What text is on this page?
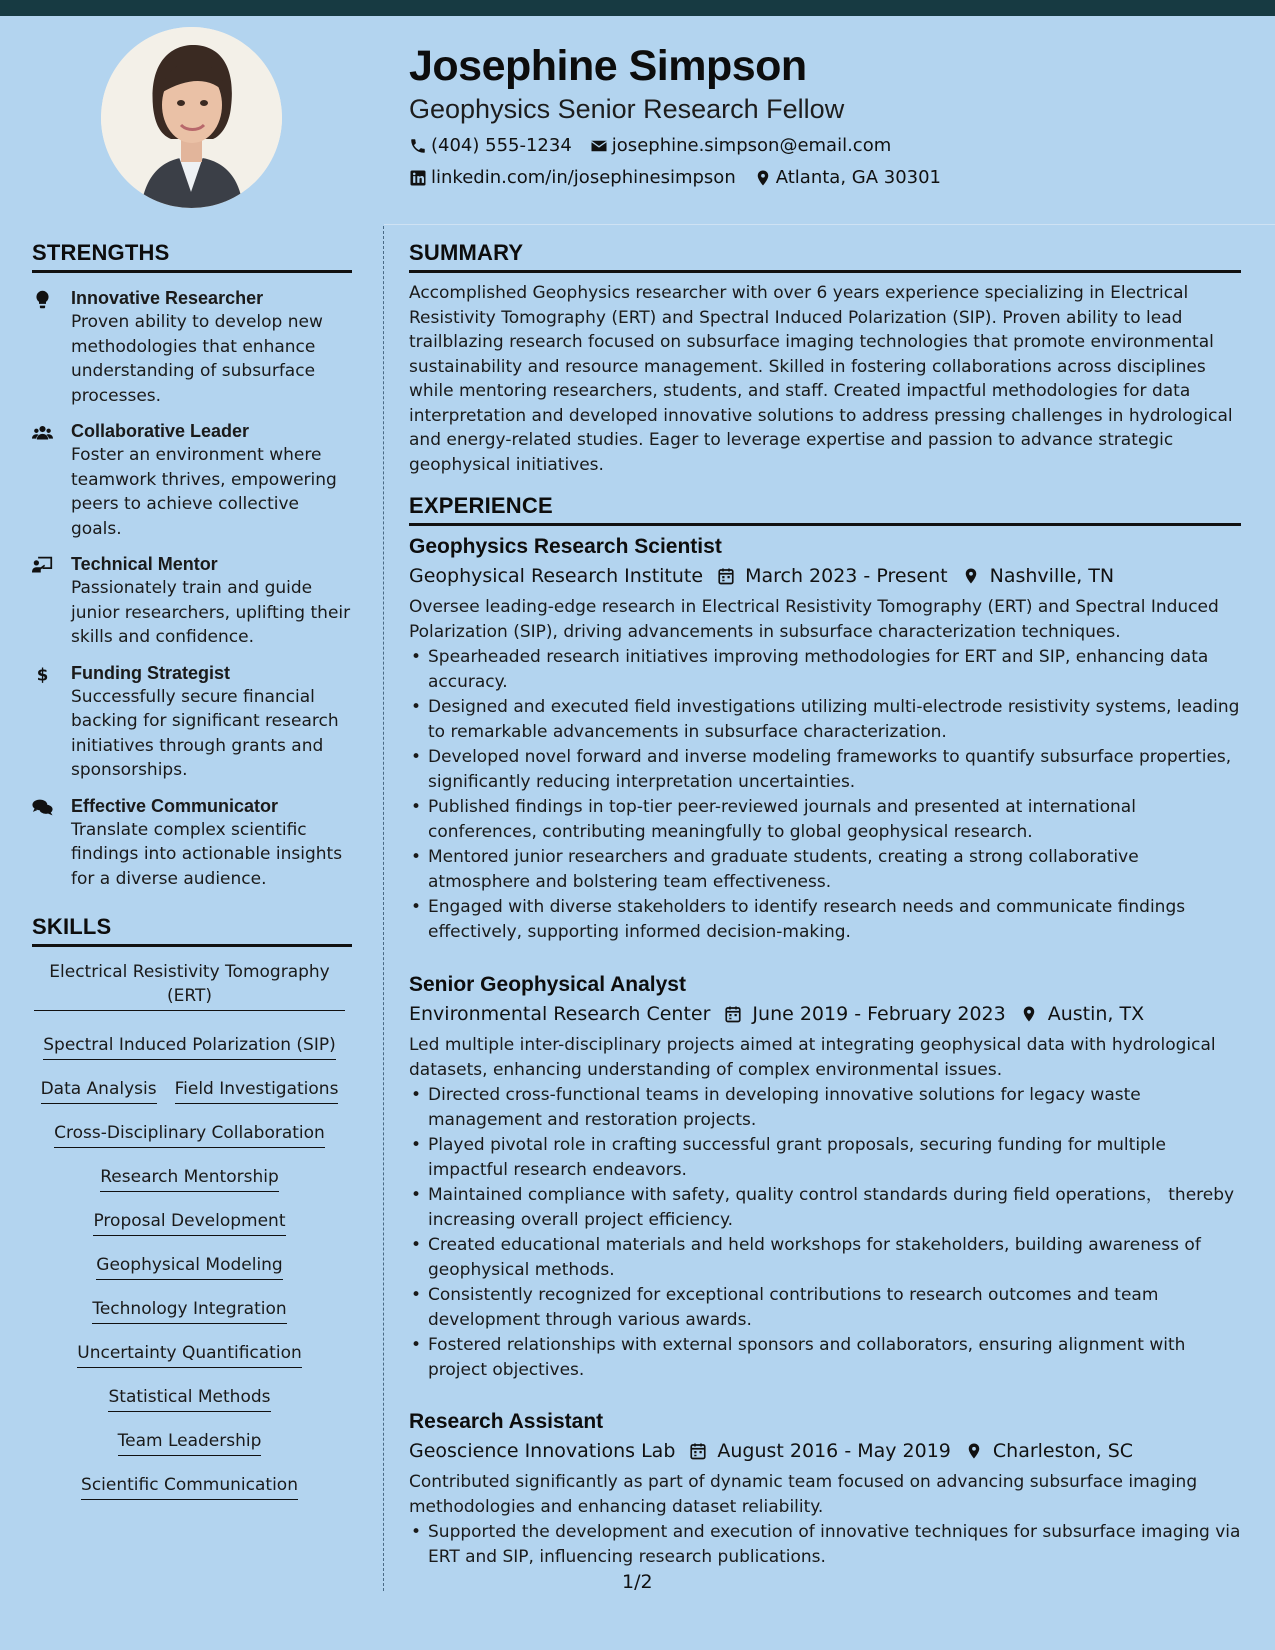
Josephine Simpson
Geophysics Senior Research Fellow
(404) 555-1234 josephine.simpson@email.com
linkedin.com/in/josephinesimpson Atlanta, GA 30301
STRENGTHS
Innovative Researcher
Proven ability to develop new methodologies that enhance understanding of subsurface processes.
Collaborative Leader
Foster an environment where teamwork thrives, empowering peers to achieve collective goals.
Technical Mentor
Passionately train and guide junior researchers, uplifting their skills and confidence.
$ Funding Strategist
Successfully secure financial backing for significant research initiatives through grants and sponsorships.
Effective Communicator
Translate complex scientific findings into actionable insights for a diverse audience.
SKILLS
Electrical Resistivity Tomography (ERT)
Spectral Induced Polarization (SIP)
Data Analysis Field Investigations
Cross-Disciplinary Collaboration
Research Mentorship
Proposal Development
Geophysical Modeling
Technology Integration
Uncertainty Quantification
Statistical Methods
Team Leadership
Scientific Communication
SUMMARY
Accomplished Geophysics researcher with over 6 years experience specializing in Electrical Resistivity Tomography (ERT) and Spectral Induced Polarization (SIP). Proven ability to lead trailblazing research focused on subsurface imaging technologies that promote environmental sustainability and resource management. Skilled in fostering collaborations across disciplines while mentoring researchers, students, and staff. Created impactful methodologies for data interpretation and developed innovative solutions to address pressing challenges in hydrological and energy-related studies. Eager to leverage expertise and passion to advance strategic geophysical initiatives.
EXPERIENCE
Geophysics Research Scientist
Geophysical Research Institute March 2023 - Present Nashville, TN
Oversee leading-edge research in Electrical Resistivity Tomography (ERT) and Spectral Induced Polarization (SIP), driving advancements in subsurface characterization techniques.
• Spearheaded research initiatives improving methodologies for ERT and SIP, enhancing data accuracy.
• Designed and executed field investigations utilizing multi-electrode resistivity systems, leading to remarkable advancements in subsurface characterization.
• Developed novel forward and inverse modeling frameworks to quantify subsurface properties, significantly reducing interpretation uncertainties.
• Published findings in top-tier peer-reviewed journals and presented at international conferences, contributing meaningfully to global geophysical research.
• Mentored junior researchers and graduate students, creating a strong collaborative atmosphere and bolstering team effectiveness.
• Engaged with diverse stakeholders to identify research needs and communicate findings effectively, supporting informed decision-making.
Senior Geophysical Analyst
Environmental Research Center June 2019 - February 2023 Austin, TX
Led multiple inter-disciplinary projects aimed at integrating geophysical data with hydrological datasets, enhancing understanding of complex environmental issues.
• Directed cross-functional teams in developing innovative solutions for legacy waste management and restoration projects.
• Played pivotal role in crafting successful grant proposals, securing funding for multiple impactful research endeavors.
• Maintained compliance with safety, quality control standards during field operations， thereby increasing overall project efficiency.
• Created educational materials and held workshops for stakeholders, building awareness of geophysical methods.
• Consistently recognized for exceptional contributions to research outcomes and team development through various awards.
• Fostered relationships with external sponsors and collaborators, ensuring alignment with project objectives.
Research Assistant
Geoscience Innovations Lab August 2016 - May 2019 Charleston, SC
Contributed significantly as part of dynamic team focused on advancing subsurface imaging methodologies and enhancing dataset reliability.
• Supported the development and execution of innovative techniques for subsurface imaging via ERT and SIP, influencing research publications.
1/2
